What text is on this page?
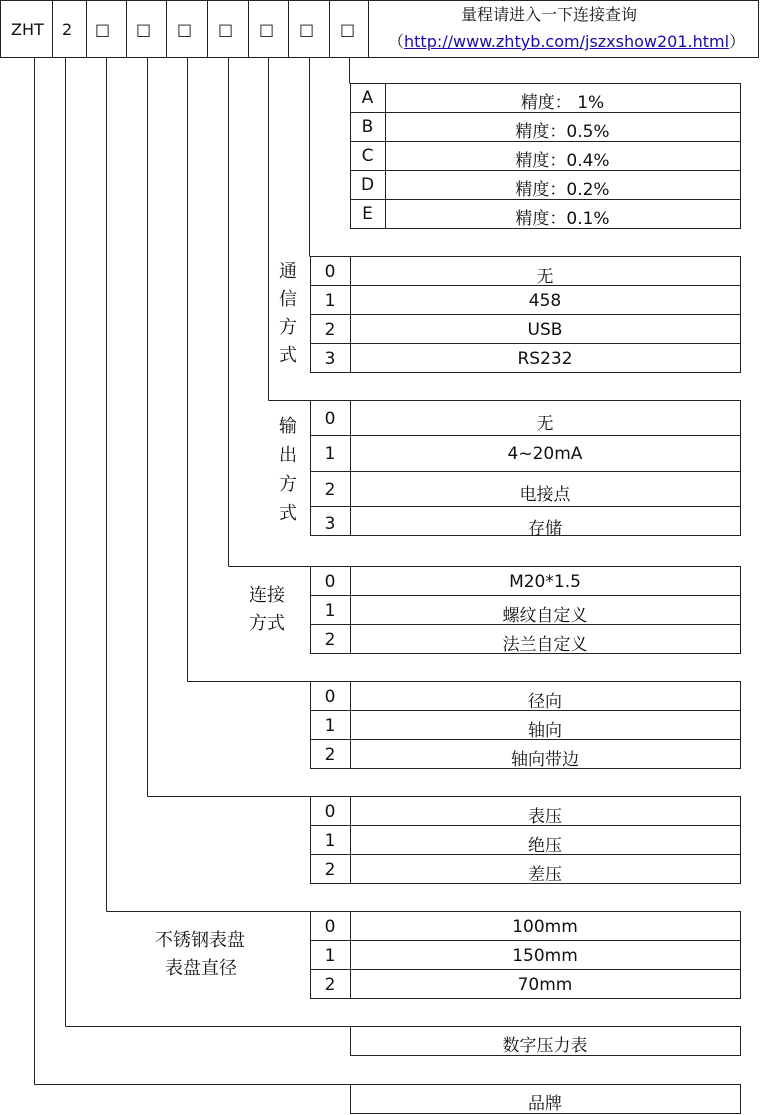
ZHT 2 □ □ □ □ □ □ □
量程请进入一下连接查询
（http://www.zhtyb.com/jszxshow201.html）
A	精度： 1%
B	精度：0.5%
C	精度：0.4%
D	精度：0.2%
E	精度：0.1%
通
信
方
式
0	无
1	458
2	USB
3	RS232
输
出
方
式
0	无
1	4~20mA
2	电接点
3	存储
连接
方式
0	M20*1.5
1	螺纹自定义
2	法兰自定义
0	径向
1	轴向
2	轴向带边
0	表压
1	绝压
2	差压
不锈钢表盘
表盘直径
0	100mm
1	150mm
2	70mm
数字压力表
品牌
